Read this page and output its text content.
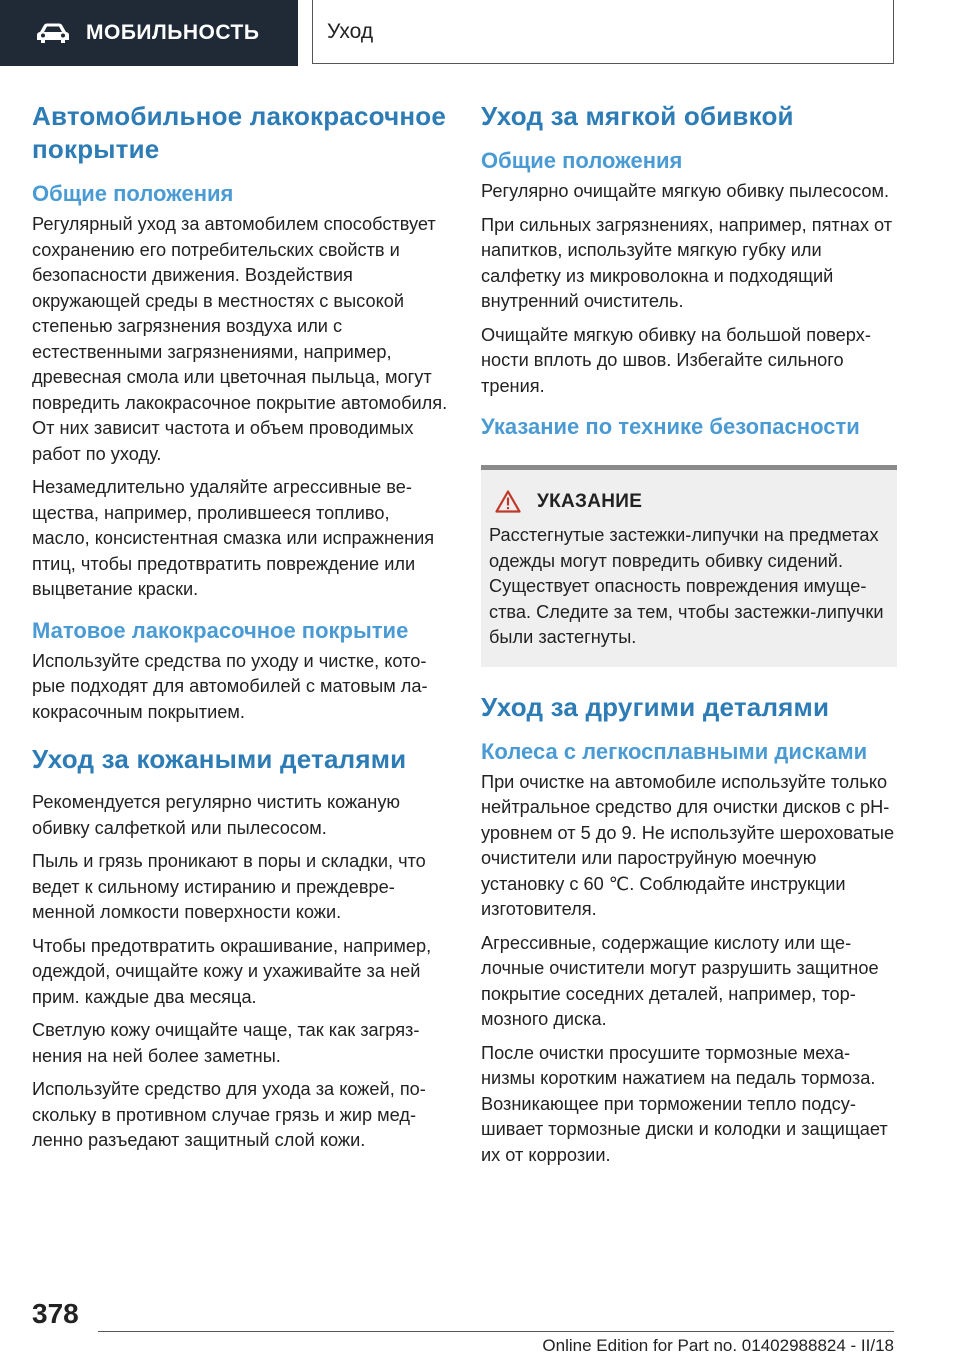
МОБИЛЬНОСТЬ	Уход
Автомобильное лакокрасочное покрытие
Общие положения

Регулярный уход за автомобилем способствует сохранению его потребительских свойств и безопасности движения. Воздействия окружающей среды в местностях с высокой степенью загрязнения воздуха или с естественными загрязнениями, например, древесная смола или цветочная пыльца, могут повредить лакокрасочное покрытие автомобиля. От них зависит частота и объем проводимых работ по уходу.

Незамедлительно удаляйте агрессивные вещества, например, пролившееся топливо, масло, консистентная смазка или испражнения птиц, чтобы предотвратить повреждение или выцветание краски.

Матовое лакокрасочное покрытие

Используйте средства по уходу и чистке, которые подходят для автомобилей с матовым лакокрасочным покрытием.

Уход за кожаными деталями

Рекомендуется регулярно чистить кожаную обивку салфеткой или пылесосом.

Пыль и грязь проникают в поры и складки, что ведет к сильному истиранию и преждевременной ломкости поверхности кожи.

Чтобы предотвратить окрашивание, например, одеждой, очищайте кожу и ухаживайте за ней прим. каждые два месяца.

Светлую кожу очищайте чаще, так как загрязнения на ней более заметны.

Используйте средство для ухода за кожей, поскольку в противном случае грязь и жир медленно разъедают защитный слой кожи.

Уход за мягкой обивкой
Общие положения

Регулярно очищайте мягкую обивку пылесосом.

При сильных загрязнениях, например, пятнах от напитков, используйте мягкую губку или салфетку из микроволокна и подходящий внутренний очиститель.

Очищайте мягкую обивку на большой поверхности вплоть до швов. Избегайте сильного трения.

Указание по технике безопасности
УКАЗАНИЕ

Расстегнутые застежки-липучки на предметах одежды могут повредить обивку сидений. Существует опасность повреждения имущества. Следите за тем, чтобы застежки-липучки были застегнуты.

Уход за другими деталями
Колеса с легкосплавными дисками

При очистке на автомобиле используйте только нейтральное средство для очистки дисков с pH-уровнем от 5 до 9. Не используйте шероховатые очистители или пароструйную моечную установку с 60 ℃. Соблюдайте инструкции изготовителя.

Агрессивные, содержащие кислоту или щелочные очистители могут разрушить защитное покрытие соседних деталей, например, тормозного диска.

После очистки просушите тормозные механизмы коротким нажатием на педаль тормоза. Возникающее при торможении тепло подсушивает тормозные диски и колодки и защищает их от коррозии.

378
Online Edition for Part no. 01402988824 - II/18
